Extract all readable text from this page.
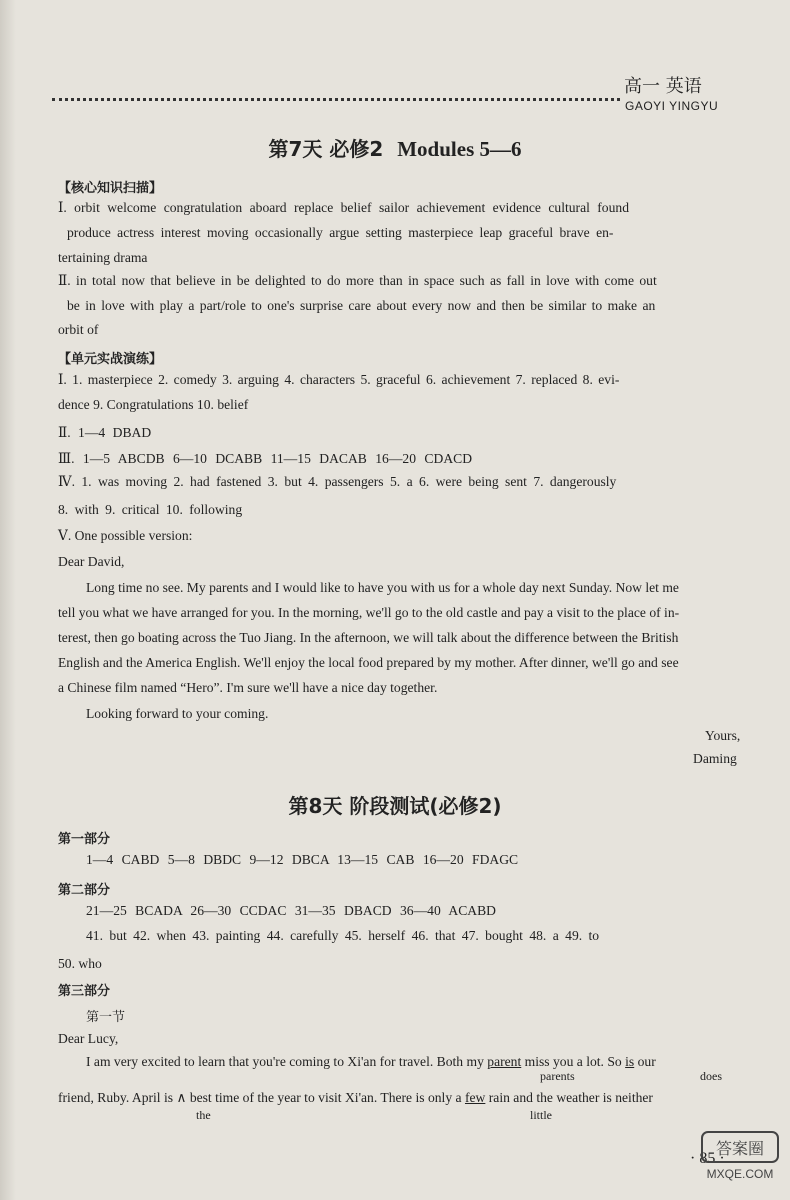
高一 英语
GAOYI YINGYU
第7天 必修2 Modules 5—6
【核心知识扫描】
Ⅰ. orbit welcome congratulation aboard replace belief sailor achievement evidence cultural found
produce actress interest moving occasionally argue setting masterpiece leap graceful brave en-
tertaining drama
Ⅱ. in total now that believe in be delighted to do more than in space such as fall in love with come out
be in love with play a part/role to one's surprise care about every now and then be similar to make an
orbit of
【单元实战演练】
Ⅰ. 1. masterpiece 2. comedy 3. arguing 4. characters 5. graceful 6. achievement 7. replaced 8. evi-
dence 9. Congratulations 10. belief
Ⅱ. 1—4 DBAD
Ⅲ. 1—5 ABCDB 6—10 DCABB 11—15 DACAB 16—20 CDACD
Ⅳ. 1. was moving 2. had fastened 3. but 4. passengers 5. a 6. were being sent 7. dangerously
8. with 9. critical 10. following
Ⅴ. One possible version:
Dear David,
Long time no see. My parents and I would like to have you with us for a whole day next Sunday. Now let me
tell you what we have arranged for you. In the morning, we'll go to the old castle and pay a visit to the place of in-
terest, then go boating across the Tuo Jiang. In the afternoon, we will talk about the difference between the British
English and the America English. We'll enjoy the local food prepared by my mother. After dinner, we'll go and see
a Chinese film named “Hero”. I'm sure we'll have a nice day together.
Looking forward to your coming.
Yours,
Daming
第8天 阶段测试(必修2)
第一部分
1—4 CABD 5—8 DBDC 9—12 DBCA 13—15 CAB 16—20 FDAGC
第二部分
21—25 BCADA 26—30 CCDAC 31—35 DBACD 36—40 ACABD
41. but 42. when 43. painting 44. carefully 45. herself 46. that 47. bought 48. a 49. to
50. who
第三部分
第一节
Dear Lucy,
I am very excited to learn that you're coming to Xi'an for travel. Both my parent miss you a lot. So is our
parents	does
friend, Ruby. April is ∧ best time of the year to visit Xi'an. There is only a few rain and the weather is neither
the	little
· 85 ·
答案圈
MXQE.COM
